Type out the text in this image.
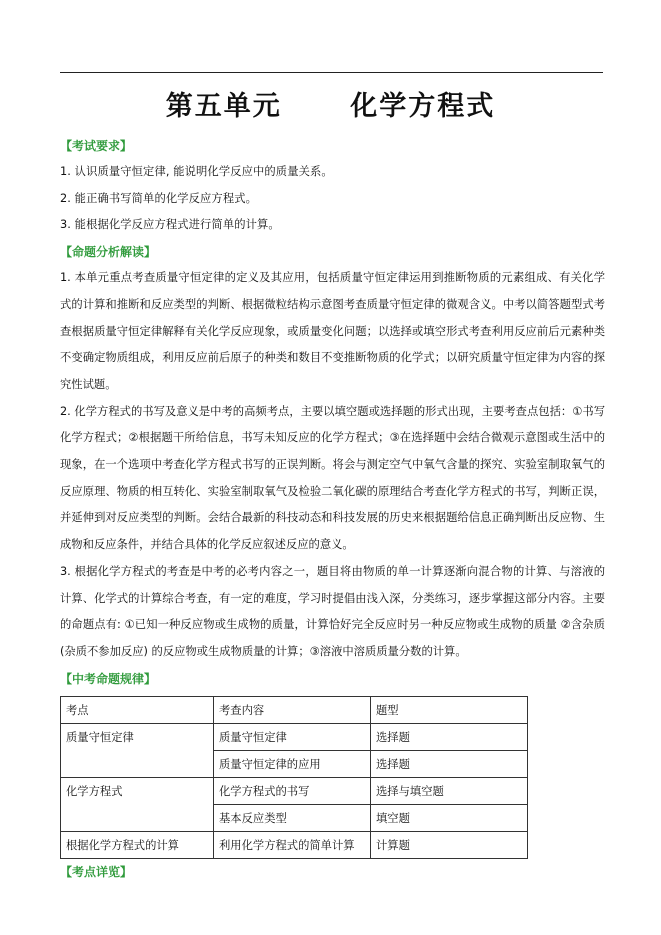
第五单元      化学方程式
【考试要求】
1. 认识质量守恒定律, 能说明化学反应中的质量关系。
2. 能正确书写简单的化学反应方程式。
3. 能根据化学反应方程式进行简单的计算。
【命题分析解读】
1. 本单元重点考查质量守恒定律的定义及其应用，包括质量守恒定律运用到推断物质的元素组成、有关化学式的计算和推断和反应类型的判断、根据微粒结构示意图考查质量守恒定律的微观含义。中考以简答题型式考查根据质量守恒定律解释有关化学反应现象，或质量变化问题；以选择或填空形式考查利用反应前后元素种类不变确定物质组成，利用反应前后原子的种类和数目不变推断物质的化学式；以研究质量守恒定律为内容的探究性试题。
2. 化学方程式的书写及意义是中考的高频考点，主要以填空题或选择题的形式出现，主要考查点包括：①书写化学方程式；②根据题干所给信息，书写未知反应的化学方程式；③在选择题中会结合微观示意图或生活中的现象，在一个选项中考查化学方程式书写的正误判断。将会与测定空气中氧气含量的探究、实验室制取氧气的反应原理、物质的相互转化、实验室制取氧气及检验二氧化碳的原理结合考查化学方程式的书写，判断正误，并延伸到对反应类型的判断。会结合最新的科技动态和科技发展的历史来根据题给信息正确判断出反应物、生成物和反应条件，并结合具体的化学反应叙述反应的意义。
3. 根据化学方程式的考查是中考的必考内容之一，题目将由物质的单一计算逐渐向混合物的计算、与溶液的计算、化学式的计算综合考查，有一定的难度，学习时提倡由浅入深，分类练习，逐步掌握这部分内容。主要的命题点有: ①已知一种反应物或生成物的质量，计算恰好完全反应时另一种反应物或生成物的质量 ②含杂质 (杂质不参加反应) 的反应物或生成物质量的计算；③溶液中溶质质量分数的计算。
【中考命题规律】
考点	考查内容	题型
质量守恒定律	质量守恒定律	选择题
	质量守恒定律的应用	选择题
化学方程式	化学方程式的书写	选择与填空题
	基本反应类型	填空题
根据化学方程式的计算	利用化学方程式的简单计算	计算题
【考点详览】
